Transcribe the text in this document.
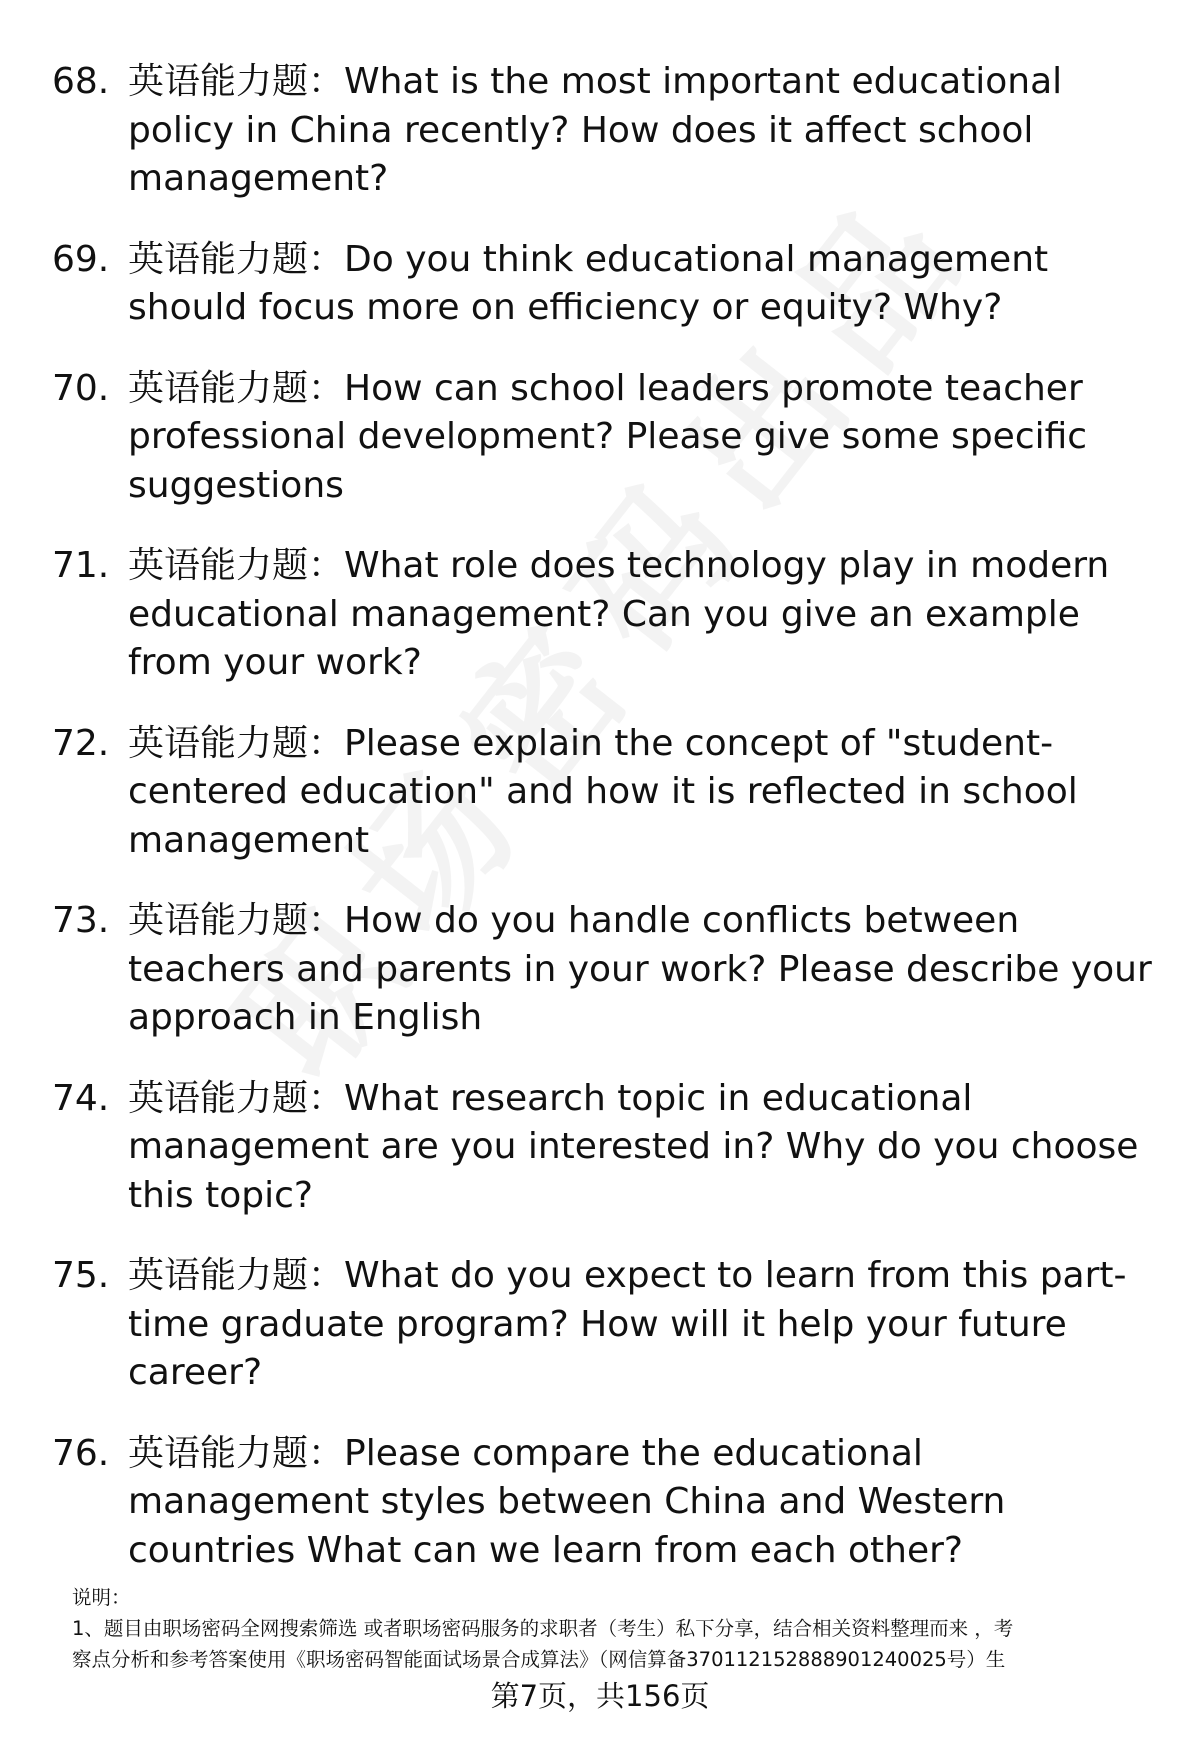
68. 英语能力题：What is the most important educational policy in China recently? How does it affect school management?
69. 英语能力题：Do you think educational management should focus more on efficiency or equity? Why?
70. 英语能力题：How can school leaders promote teacher professional development? Please give some specific suggestions
71. 英语能力题：What role does technology play in modern educational management? Can you give an example from your work?
72. 英语能力题：Please explain the concept of "student-centered education" and how it is reflected in school management
73. 英语能力题：How do you handle conflicts between teachers and parents in your work? Please describe your approach in English
74. 英语能力题：What research topic in educational management are you interested in? Why do you choose this topic?
75. 英语能力题：What do you expect to learn from this part-time graduate program? How will it help your future career?
76. 英语能力题：Please compare the educational management styles between China and Western countries What can we learn from each other?

说明：

1、题目由职场密码全网搜索筛选 或者职场密码服务的求职者（考生）私下分享，结合相关资料整理而来 ，考

察点分析和参考答案使用《职场密码智能面试场景合成算法》（网信算备370112152888901240025号）生

第7页，共156页
